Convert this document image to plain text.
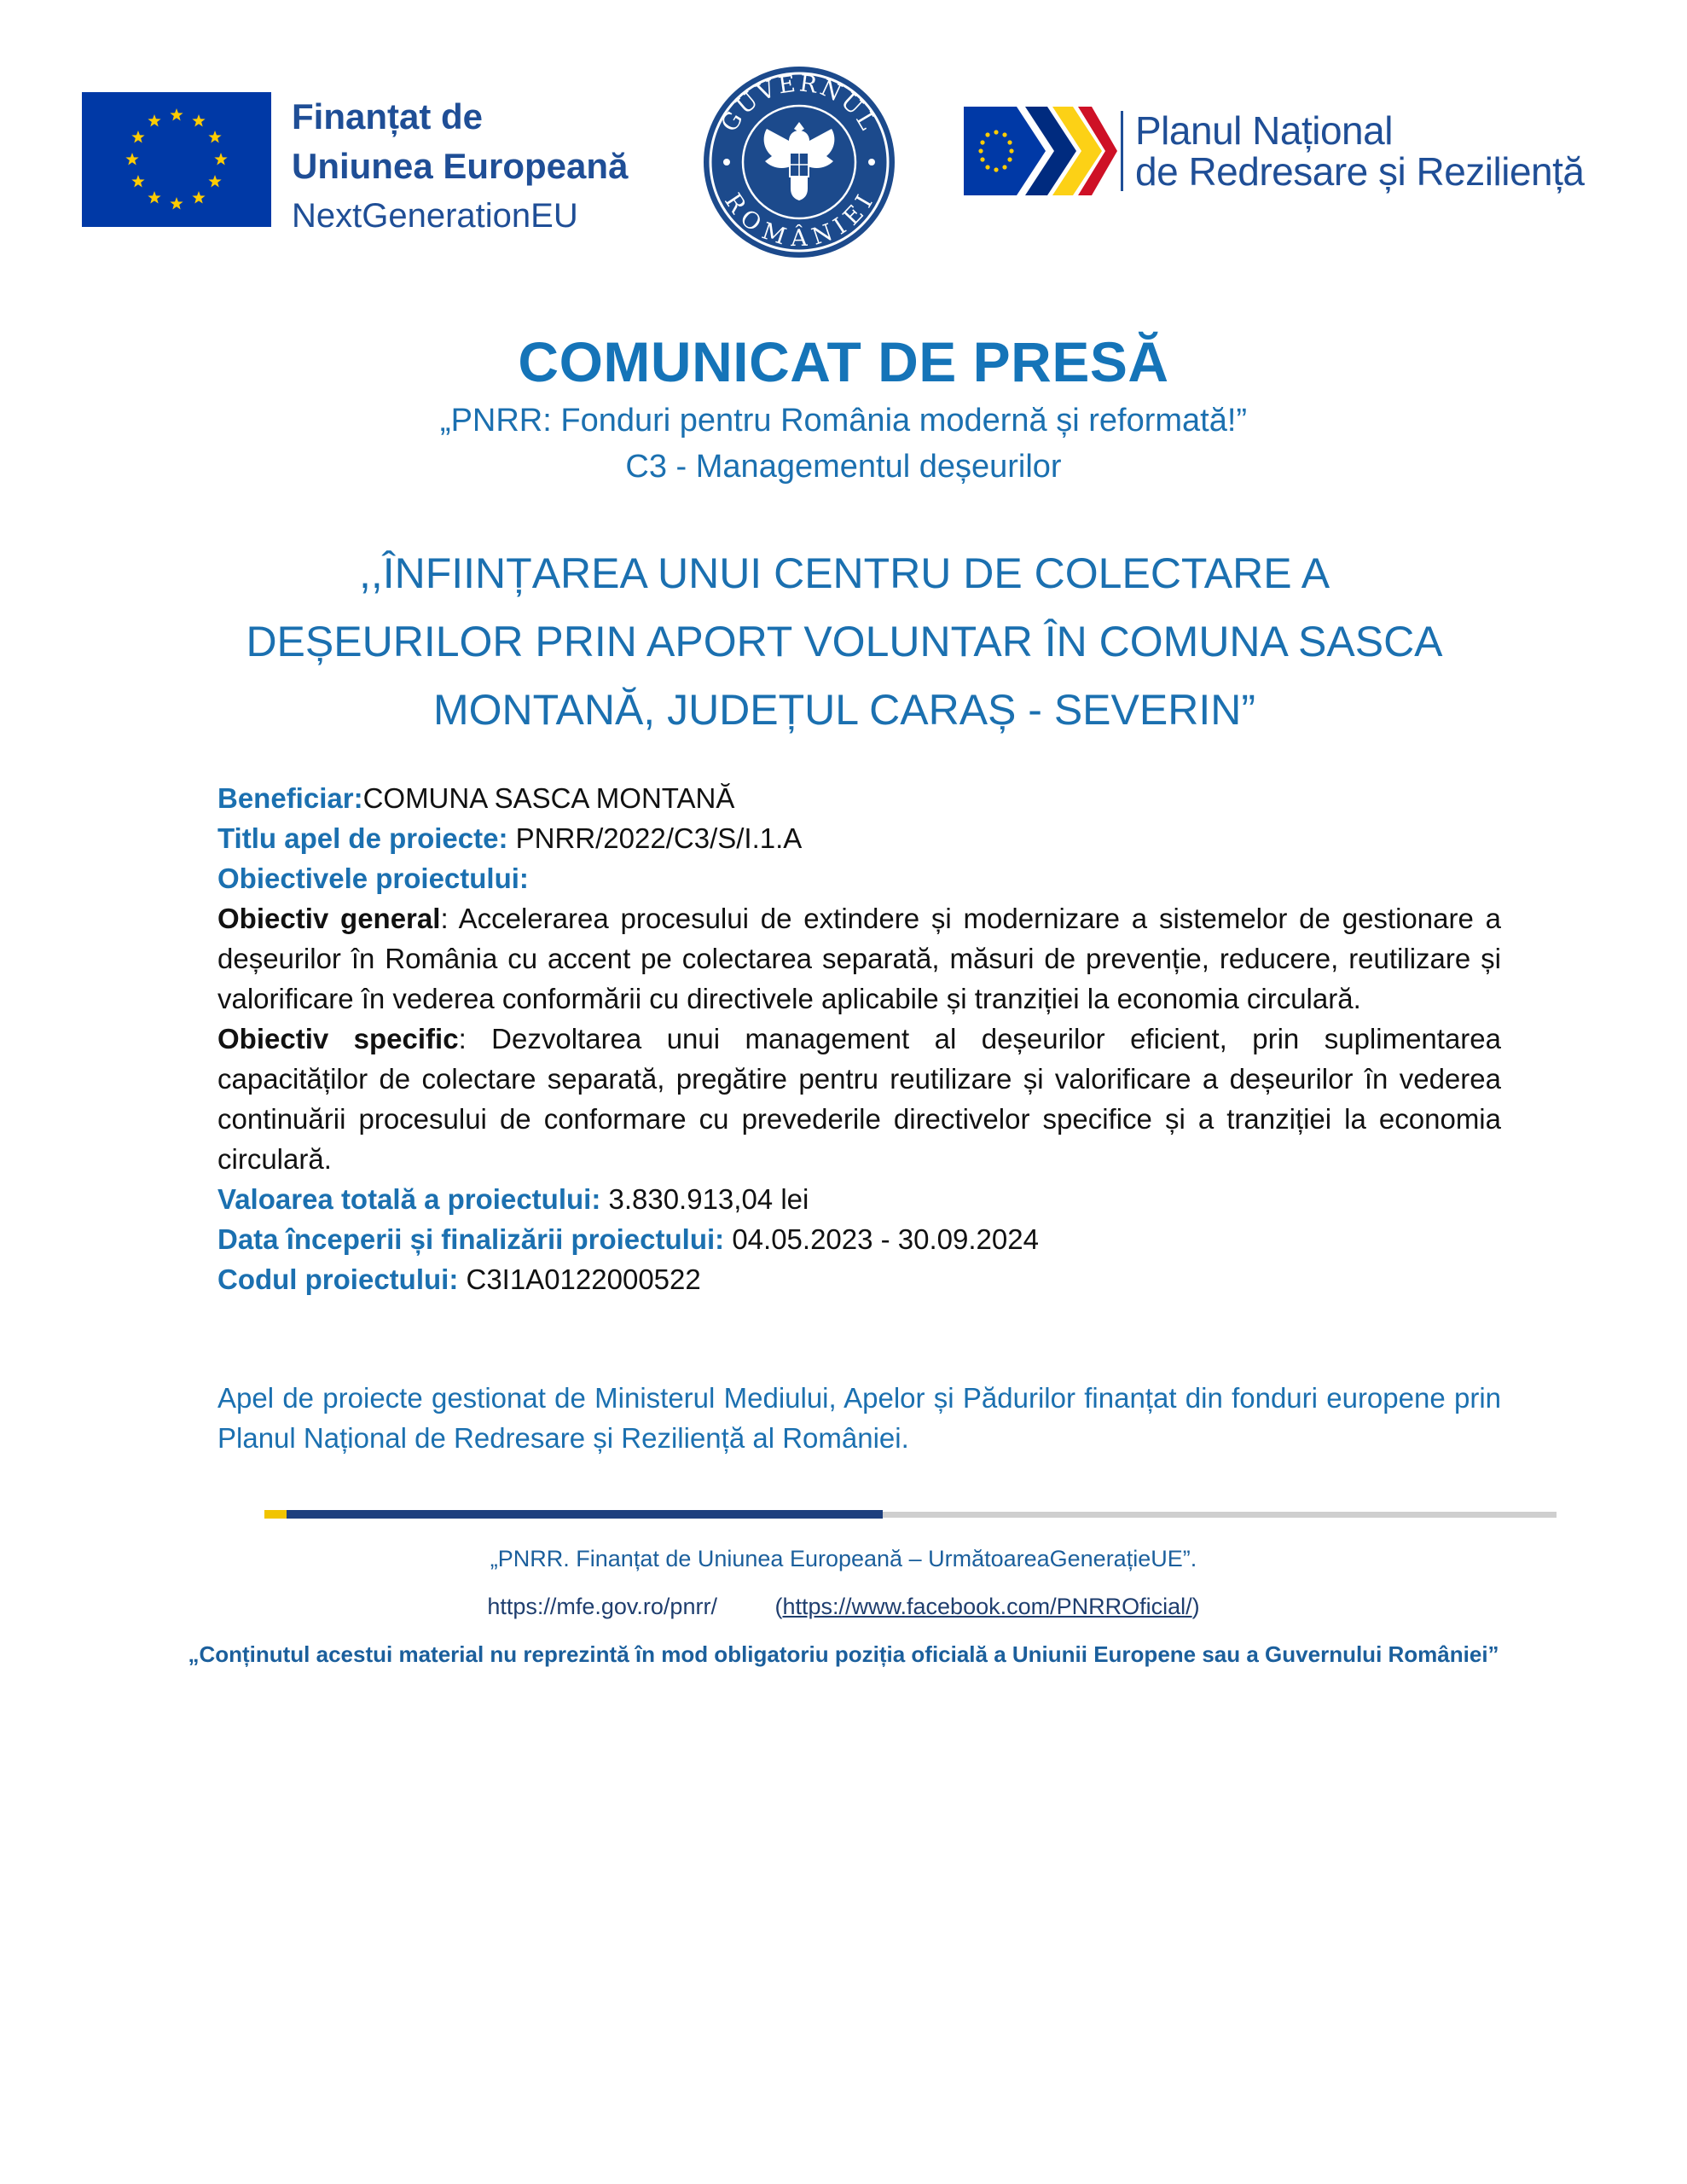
Finanțat de
Uniunea Europeană
NextGenerationEU
GUVERNUL
ROMÂNIEI
Planul Național
de Redresare și Reziliență
COMUNICAT DE PRESĂ
„PNRR: Fonduri pentru România modernă și reformată!”
C3 - Managementul deșeurilor
,,ÎNFIINȚAREA UNUI CENTRU DE COLECTARE A
DEȘEURILOR PRIN APORT VOLUNTAR ÎN COMUNA SASCA
MONTANĂ, JUDEȚUL CARAȘ - SEVERIN”

Beneficiar:COMUNA SASCA MONTANĂ

Titlu apel de proiecte: PNRR/2022/C3/S/I.1.A

Obiectivele proiectului:

Obiectiv general: Accelerarea procesului de extindere și modernizare a sistemelor de gestionare a deșeurilor în România cu accent pe colectarea separată, măsuri de prevenție, reducere, reutilizare și valorificare în vederea conformării cu directivele aplicabile și tranziției la economia circulară.

Obiectiv specific: Dezvoltarea unui management al deșeurilor eficient, prin suplimentarea capacităților de colectare separată, pregătire pentru reutilizare și valorificare a deșeurilor în vederea continuării procesului de conformare cu prevederile directivelor specifice și a tranziției la economia circulară.

Valoarea totală a proiectului: 3.830.913,04 lei

Data începerii și finalizării proiectului: 04.05.2023 - 30.09.2024

Codul proiectului: C3I1A0122000522

Apel de proiecte gestionat de Ministerul Mediului, Apelor și Pădurilor finanțat din fonduri europene prin Planul Național de Redresare și Reziliență al României.
„PNRR. Finanțat de Uniunea Europeană – UrmătoareaGenerațieUE”.
https://mfe.gov.ro/pnrr/	(https://www.facebook.com/PNRROficial/)
„Conținutul acestui material nu reprezintă în mod obligatoriu poziția oficială a Uniunii Europene sau a Guvernului României”
